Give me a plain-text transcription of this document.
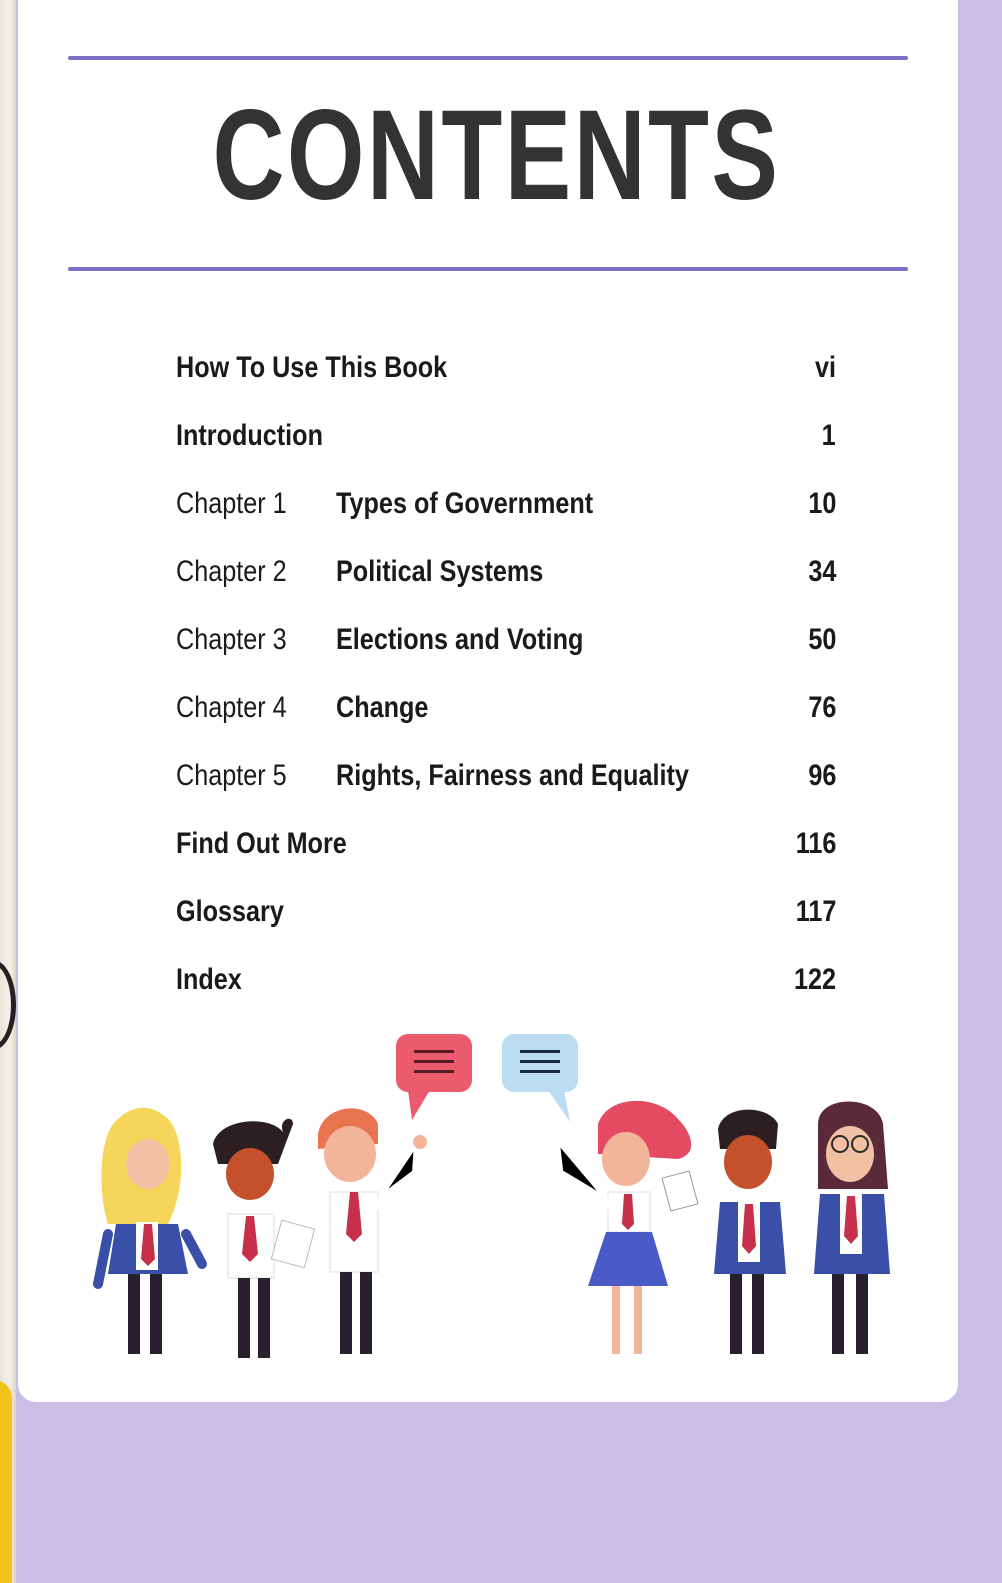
CONTENTS
How To Use This Book	vi
Introduction	1
Chapter 1 Types of Government	10
Chapter 2 Political Systems	34
Chapter 3 Elections and Voting	50
Chapter 4 Change	76
Chapter 5 Rights, Fairness and Equality	96
Find Out More	116
Glossary	117
Index	122
